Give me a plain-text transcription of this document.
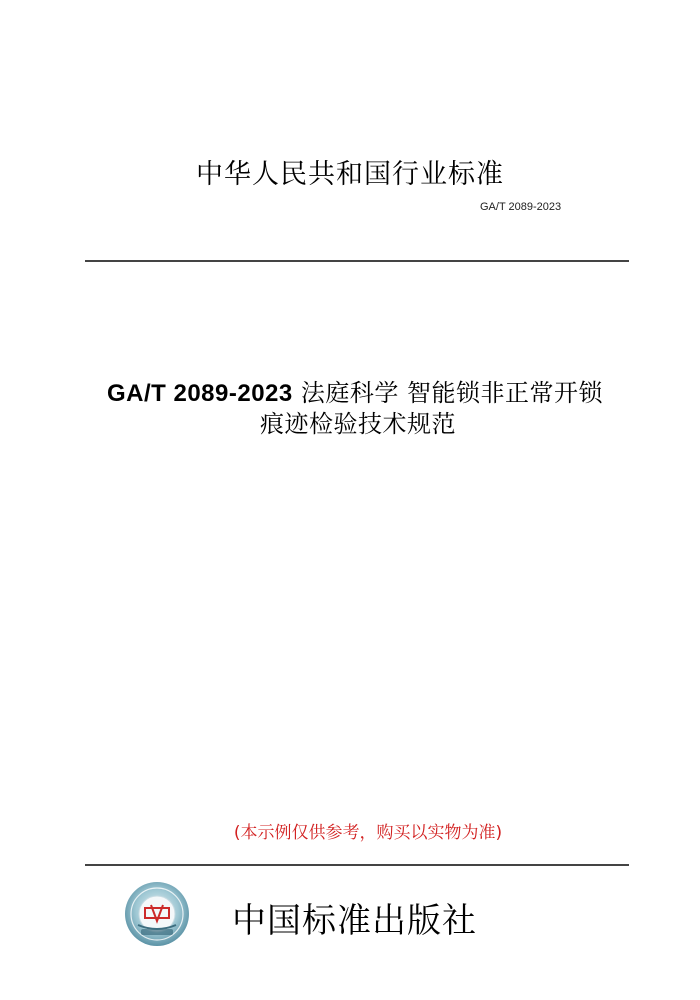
中华人民共和国行业标准
GA/T 2089-2023
GA/T 2089-2023 法庭科学 智能锁非正常开锁
痕迹检验技术规范
(本示例仅供参考，购买以实物为准)
中国标准出版社
